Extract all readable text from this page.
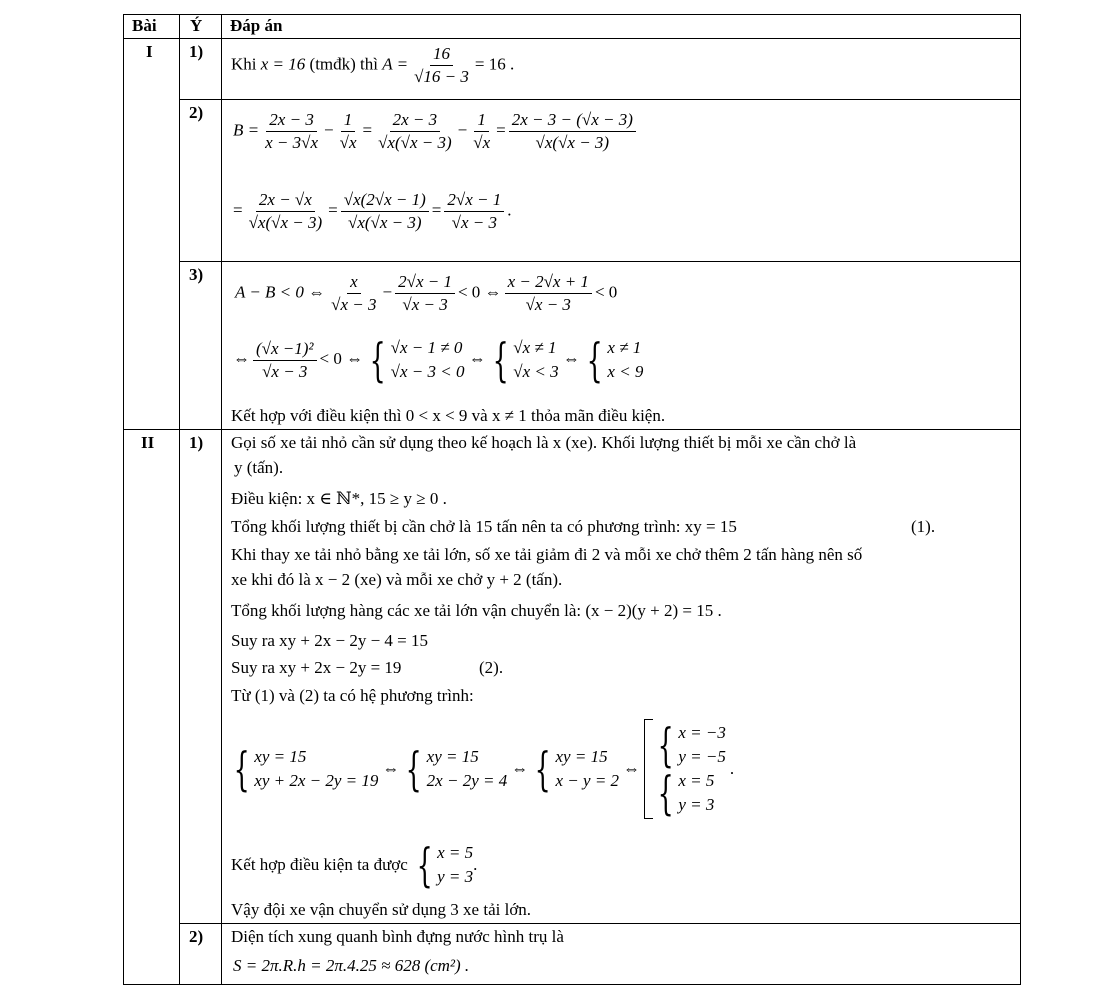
Bài Ý Đáp án
I
II
1)
2)
3)
1)
2)
Khi x = 16 (tmđk) thì $A = \frac{16}{√16 - 3} = 16$ .
$B = \frac{2x - 3}{x - 3√x} - \frac{1}{√x} = \frac{2x - 3}{√x(√x - 3)} - \frac{1}{√x} = \frac{2x - 3 - (√x - 3)}{√x(√x - 3)}$
= $\frac{2x - √x}{√x(√x - 3)} = \frac{√x(2√x - 1)}{√x(√x - 3)} = \frac{2√x - 1}{√x - 3}$ .
A − B < 0 ⇔ $\frac{x}{√x - 3} - \frac{2√x - 1}{√x - 3} < 0$ ⇔ $\frac{x - 2√x + 1}{√x - 3} < 0$
⇔ $\frac{\text{(√x −1)²}}{√x - 3} < 0$ ⇔ { √x − 1 ≠ 0
√x − 3 < 0
⇔ { √x ≠ 1
√x < 3
⇔ { x ≠ 1
x < 9
Kết hợp với điều kiện thì 0 < x < 9 và x ≠ 1 thỏa mãn điều kiện.
Gọi số xe tải nhỏ cần sử dụng theo kế hoạch là x (xe). Khối lượng thiết bị mỗi xe cần chở là
y (tấn).
Điều kiện: x ∈ ℕ*, 15 ≥ y ≥ 0 .
Tổng khối lượng thiết bị cần chở là 15 tấn nên ta có phương trình: xy = 15	(1).
Khi thay xe tải nhỏ bằng xe tải lớn, số xe tải giảm đi 2 và mỗi xe chở thêm 2 tấn hàng nên số
xe khi đó là x − 2 (xe) và mỗi xe chở y + 2 (tấn).
Tổng khối lượng hàng các xe tải lớn vận chuyển là: (x − 2)(y + 2) = 15 .
Suy ra xy + 2x − 2y − 4 = 15
Suy ra xy + 2x − 2y = 19	(2).
Từ (1) và (2) ta có hệ phương trình:
{ xy = 15
xy + 2x − 2y = 19
⇔ { xy = 15
2x − 2y = 4
⇔ { xy = 15
x − y = 2
⇔ { x = −3
y = −5
{ x = 5
y = 3
.
Kết hợp điều kiện ta được { x = 5
y = 3
.
Vậy đội xe vận chuyển sử dụng 3 xe tải lớn.
Diện tích xung quanh bình đựng nước hình trụ là
S = 2π.R.h = 2π.4.25 ≈ 628 (cm²) .
